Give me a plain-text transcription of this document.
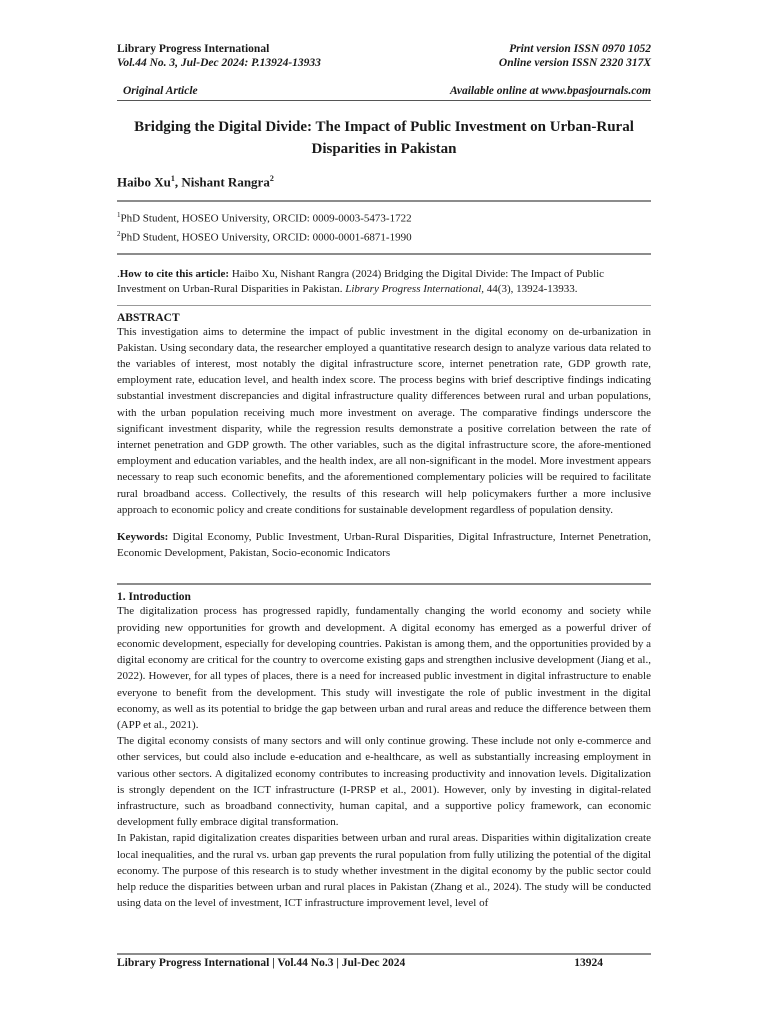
Library Progress International
Vol.44 No. 3, Jul-Dec 2024: P.13924-13933
Print version ISSN 0970 1052
Online version ISSN 2320 317X
Original Article	Available online at www.bpasjournals.com
Bridging the Digital Divide: The Impact of Public Investment on Urban-Rural Disparities in Pakistan
Haibo Xu$^1$, Nishant Rangra$^2$
$^1$PhD Student, HOSEO University, ORCID: 0009-0003-5473-1722
$^2$PhD Student, HOSEO University, ORCID: 0000-0001-6871-1990
.How to cite this article: Haibo Xu, Nishant Rangra (2024) Bridging the Digital Divide: The Impact of Public Investment on Urban-Rural Disparities in Pakistan. Library Progress International, 44(3), 13924-13933.
ABSTRACT
This investigation aims to determine the impact of public investment in the digital economy on de-urbanization in Pakistan. Using secondary data, the researcher employed a quantitative research design to analyze various data related to the variables of interest, most notably the digital infrastructure score, internet penetration rate, GDP growth rate, employment rate, education level, and health index score. The process begins with brief descriptive findings indicating substantial investment discrepancies and digital infrastructure quality differences between rural and urban populations, with the urban population receiving much more investment on average. The comparative findings underscore the significant investment disparity, while the regression results demonstrate a positive correlation between the rate of internet penetration and GDP growth. The other variables, such as the digital infrastructure score, the afore-mentioned employment and education variables, and the health index, are all non-significant in the model. More investment appears necessary to reap such economic benefits, and the aforementioned complementary policies will be required to facilitate rural broadband access. Collectively, the results of this research will help policymakers further a more inclusive approach to economic policy and create conditions for sustainable development regardless of population density.
Keywords: Digital Economy, Public Investment, Urban-Rural Disparities, Digital Infrastructure, Internet Penetration, Economic Development, Pakistan, Socio-economic Indicators
1. Introduction
The digitalization process has progressed rapidly, fundamentally changing the world economy and society while providing new opportunities for growth and development. A digital economy has emerged as a powerful driver of economic development, especially for developing countries. Pakistan is among them, and the opportunities provided by a digital economy are critical for the country to overcome existing gaps and strengthen inclusive development (Jiang et al., 2022). However, for all types of places, there is a need for increased public investment in digital infrastructure to enable everyone to benefit from the development. This study will investigate the role of public investment in the digital economy, as well as its potential to bridge the gap between urban and rural areas and reduce the difference between them (APP et al., 2021).
The digital economy consists of many sectors and will only continue growing. These include not only e-commerce and other services, but could also include e-education and e-healthcare, as well as substantially increasing employment in various other sectors. A digitalized economy contributes to increasing productivity and innovation levels. Digitalization is strongly dependent on the ICT infrastructure (I-PRSP et al., 2001). However, only by investing in digital-related infrastructure, such as broadband connectivity, human capital, and a supportive policy framework, can economic development fully embrace digital transformation.
In Pakistan, rapid digitalization creates disparities between urban and rural areas. Disparities within digitalization create local inequalities, and the rural vs. urban gap prevents the rural population from fully utilizing the potential of the digital economy. The purpose of this research is to study whether investment in the digital economy by the public sector could help reduce the disparities between urban and rural places in Pakistan (Zhang et al., 2024). The study will be conducted using data on the level of investment, ICT infrastructure improvement level, level of
Library Progress International | Vol.44 No.3 | Jul-Dec 2024	13924
